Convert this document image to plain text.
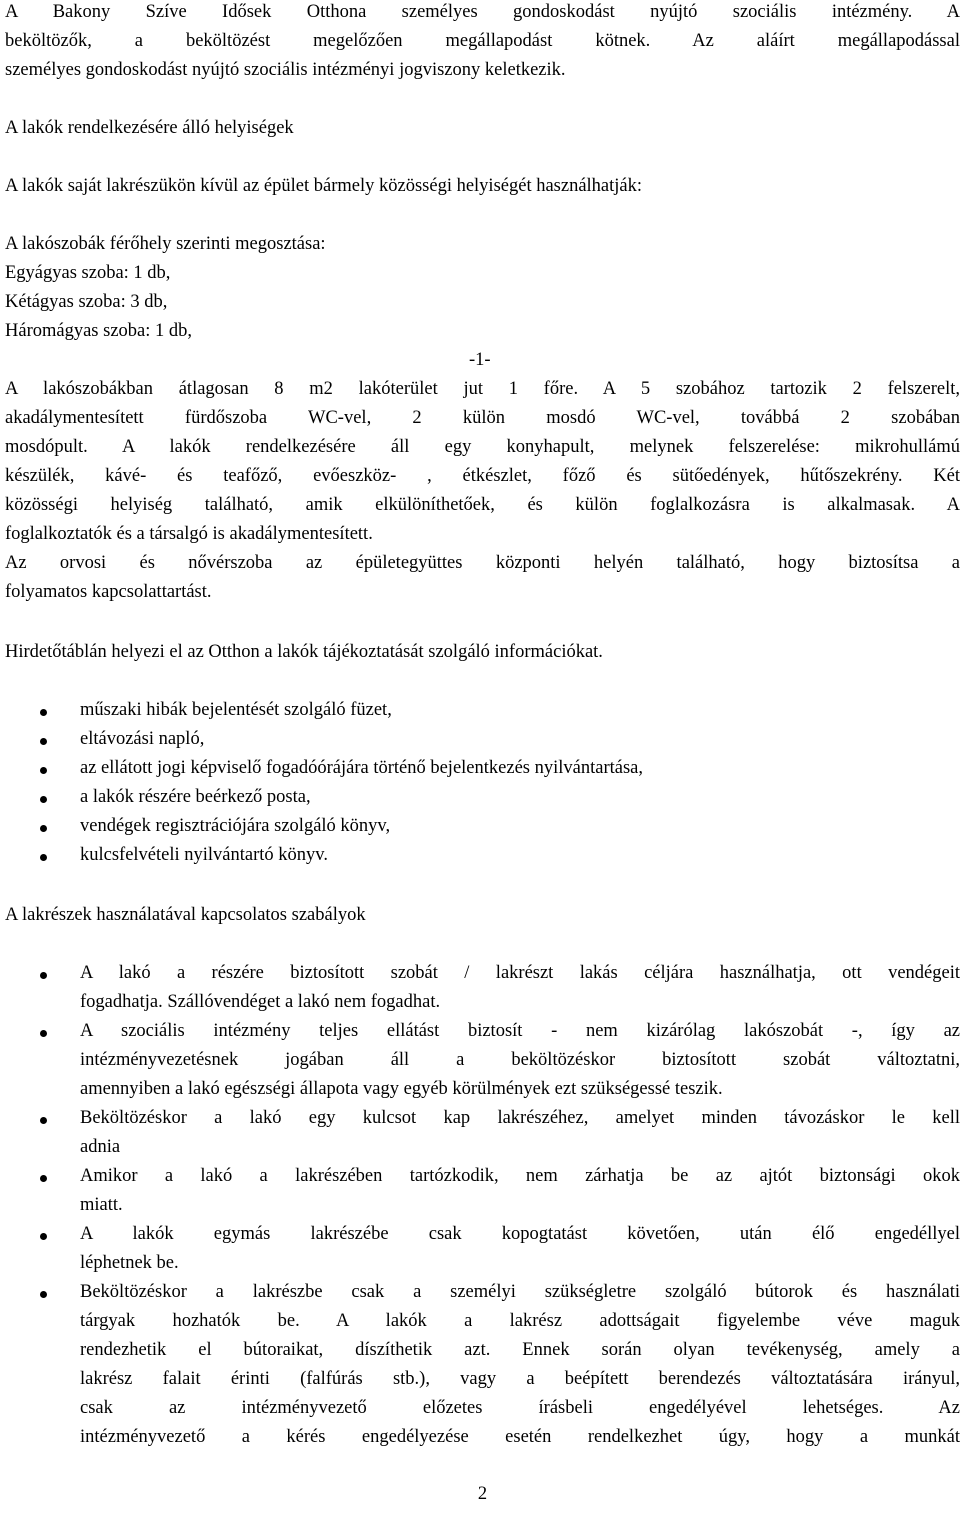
A Bakony Szíve Idősek Otthona személyes gondoskodást nyújtó szociális intézmény. A
beköltözők, a beköltözést megelőzően megállapodást kötnek. Az aláírt megállapodással
személyes gondoskodást nyújtó szociális intézményi jogviszony keletkezik.
A lakók rendelkezésére álló helyiségek
A lakók saját lakrészükön kívül az épület bármely közösségi helyiségét használhatják:
A lakószobák férőhely szerinti megosztása:
Egyágyas szoba: 1 db,
Kétágyas szoba: 3 db,
Háromágyas szoba: 1 db,
-1-
A lakószobákban átlagosan 8 m2 lakóterület jut 1 főre. A 5 szobához tartozik 2 felszerelt,
akadálymentesített fürdőszoba WC-vel, 2 külön mosdó WC-vel, továbbá 2 szobában
mosdópult. A lakók rendelkezésére áll egy konyhapult, melynek felszerelése: mikrohullámú
készülék, kávé- és teafőző, evőeszköz- , étkészlet, főző és sütőedények, hűtőszekrény. Két
közösségi helyiség található, amik elkülöníthetőek, és külön foglalkozásra is alkalmasak. A
foglalkoztatók és a társalgó is akadálymentesített.
Az orvosi és nővérszoba az épületegyüttes központi helyén található, hogy biztosítsa a
folyamatos kapcsolattartást.
Hirdetőtáblán helyezi el az Otthon a lakók tájékoztatását szolgáló információkat.
műszaki hibák bejelentését szolgáló füzet,
eltávozási napló,
az ellátott jogi képviselő fogadóórájára történő bejelentkezés nyilvántartása,
a lakók részére beérkező posta,
vendégek regisztrációjára szolgáló könyv,
kulcsfelvételi nyilvántartó könyv.
A lakrészek használatával kapcsolatos szabályok
A lakó a részére biztosított szobát / lakrészt lakás céljára használhatja, ott vendégeit
fogadhatja. Szállóvendéget a lakó nem fogadhat.
A szociális intézmény teljes ellátást biztosít - nem kizárólag lakószobát -, így az
intézményvezetésnek jogában áll a beköltözéskor biztosított szobát változtatni,
amennyiben a lakó egészségi állapota vagy egyéb körülmények ezt szükségessé teszik.
Beköltözéskor a lakó egy kulcsot kap lakrészéhez, amelyet minden távozáskor le kell
adnia
Amikor a lakó a lakrészében tartózkodik, nem zárhatja be az ajtót biztonsági okok
miatt.
A lakók egymás lakrészébe csak kopogtatást követően, után élő engedéllyel
léphetnek be.
Beköltözéskor a lakrészbe csak a személyi szükségletre szolgáló bútorok és használati
tárgyak hozhatók be. A lakók a lakrész adottságait figyelembe véve maguk
rendezhetik el bútoraikat, díszíthetik azt. Ennek során olyan tevékenység, amely a
lakrész falait érinti (falfúrás stb.), vagy a beépített berendezés változtatására irányul,
csak az intézményvezető előzetes írásbeli engedélyével lehetséges. Az
intézményvezető a kérés engedélyezése esetén rendelkezhet úgy, hogy a munkát
2
